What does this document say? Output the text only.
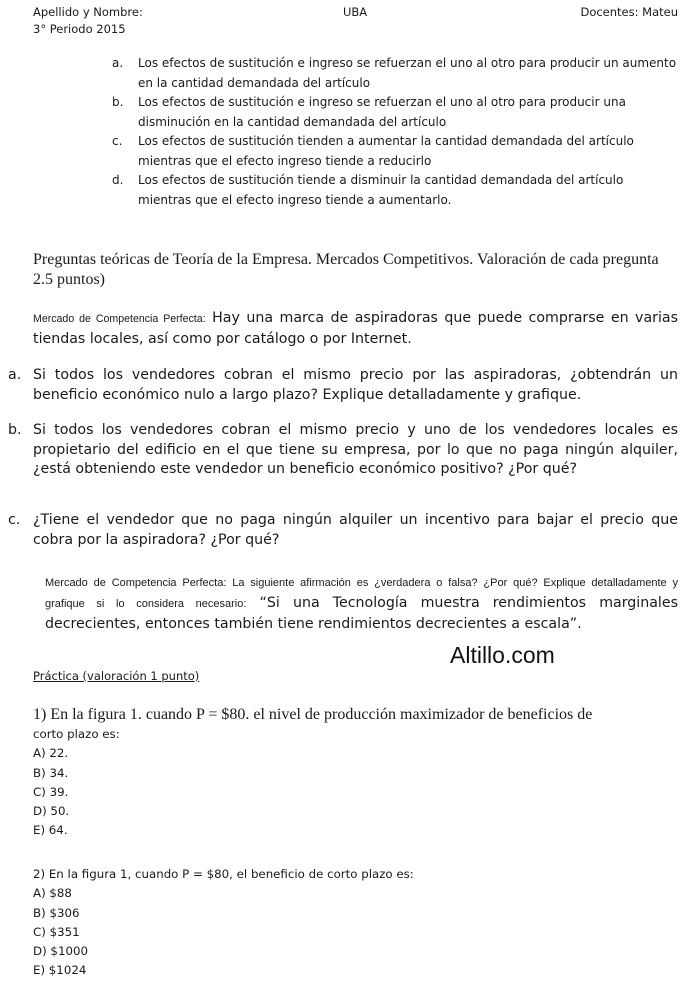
Apellido y Nombre:
3° Periodo 2015
UBA	Docentes: Mateu
a.	Los efectos de sustitución e ingreso se refuerzan el uno al otro para producir un aumento en la cantidad demandada del artículo
b.	Los efectos de sustitución e ingreso se refuerzan el uno al otro para producir una disminución en la cantidad demandada del artículo
c.	Los efectos de sustitución tienden a aumentar la cantidad demandada del artículo mientras que el efecto ingreso tiende a reducirlo
d.	Los efectos de sustitución tiende a disminuir la cantidad demandada del artículo mientras que el efecto ingreso tiende a aumentarlo.
Preguntas teóricas de Teoría de la Empresa. Mercados Competitivos. Valoración de cada pregunta 2.5 puntos)
Mercado de Competencia Perfecta: Hay una marca de aspiradoras que puede comprarse en varias tiendas locales, así como por catálogo o por Internet.
a. Si todos los vendedores cobran el mismo precio por las aspiradoras, ¿obtendrán un beneficio económico nulo a largo plazo? Explique detalladamente y grafique.
b. Si todos los vendedores cobran el mismo precio y uno de los vendedores locales es propietario del edificio en el que tiene su empresa, por lo que no paga ningún alquiler, ¿está obteniendo este vendedor un beneficio económico positivo? ¿Por qué?
c. ¿Tiene el vendedor que no paga ningún alquiler un incentivo para bajar el precio que cobra por la aspiradora? ¿Por qué?
Mercado de Competencia Perfecta: La siguiente afirmación es ¿verdadera o falsa? ¿Por qué? Explique detalladamente y grafique si lo considera necesario: “Si una Tecnología muestra rendimientos marginales decrecientes, entonces también tiene rendimientos decrecientes a escala”.
Altillo.com
Práctica (valoración 1 punto)
1) En la figura 1. cuando P = $80. el nivel de producción maximizador de beneficios de
corto plazo es:
A) 22.
B) 34.
C) 39.
D) 50.
E) 64.
2) En la figura 1, cuando P = $80, el beneficio de corto plazo es:
A) $88
B) $306
C) $351
D) $1000
E) $1024
